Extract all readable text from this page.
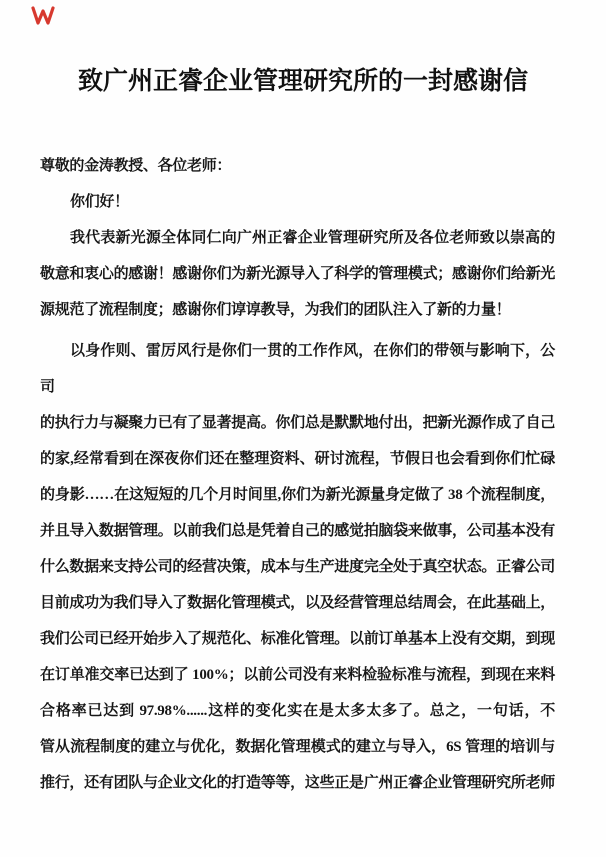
致广州正睿企业管理研究所的一封感谢信
尊敬的金涛教授、各位老师：
你们好！
我代表新光源全体同仁向广州正睿企业管理研究所及各位老师致以崇高的
敬意和衷心的感谢！感谢你们为新光源导入了科学的管理模式；感谢你们给新光
源规范了流程制度；感谢你们谆谆教导，为我们的团队注入了新的力量！
以身作则、雷厉风行是你们一贯的工作作风，在你们的带领与影响下，公司
的执行力与凝聚力已有了显著提高。你们总是默默地付出，把新光源作成了自己
的家,经常看到在深夜你们还在整理资料、研讨流程，节假日也会看到你们忙碌
的身影……在这短短的几个月时间里,你们为新光源量身定做了 38 个流程制度，
并且导入数据管理。以前我们总是凭着自己的感觉拍脑袋来做事，公司基本没有
什么数据来支持公司的经营决策，成本与生产进度完全处于真空状态。正睿公司
目前成功为我们导入了数据化管理模式，以及经营管理总结周会，在此基础上，
我们公司已经开始步入了规范化、标准化管理。以前订单基本上没有交期，到现
在订单准交率已达到了 100%；以前公司没有来料检验标准与流程，到现在来料
合格率已达到 97.98%......这样的变化实在是太多太多了。总之，一句话，不
管从流程制度的建立与优化，数据化管理模式的建立与导入，6S 管理的培训与
推行，还有团队与企业文化的打造等等，这些正是广州正睿企业管理研究所老师
